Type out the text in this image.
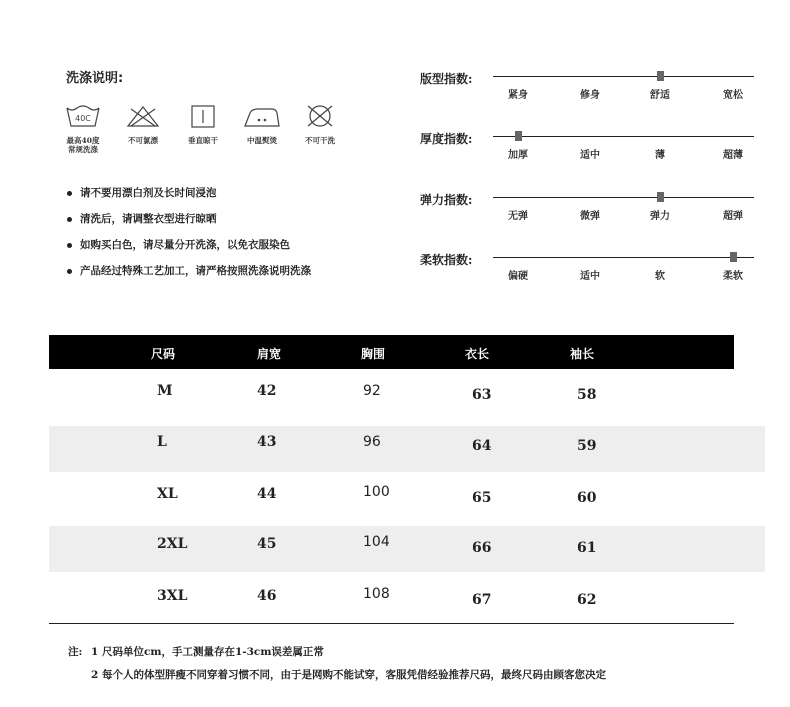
洗涤说明:
40C
最高40度
常规洗涤
不可氯漂	垂直晾干	中温熨烫	不可干洗
请不要用漂白剂及长时间浸泡
清洗后，请调整衣型进行晾晒
如购买白色，请尽量分开洗涤，以免衣服染色
产品经过特殊工艺加工，请严格按照洗涤说明洗涤
版型指数:
紧身	修身	舒适	宽松
厚度指数:
加厚	适中	薄	超薄
弹力指数:
无弹	微弹	弹力	超弹
柔软指数:
偏硬	适中	软	柔软
尺码	肩宽	胸围	衣长	袖长
M	42	92	63	58
L	43	96	64	59
XL	44	100	65	60
2XL	45	104	66	61
3XL	46	108	67	62
注: 1 尺码单位cm，手工测量存在1-3cm误差属正常
2 每个人的体型胖瘦不同穿着习惯不同，由于是网购不能试穿，客服凭借经验推荐尺码，最终尺码由顾客您决定
